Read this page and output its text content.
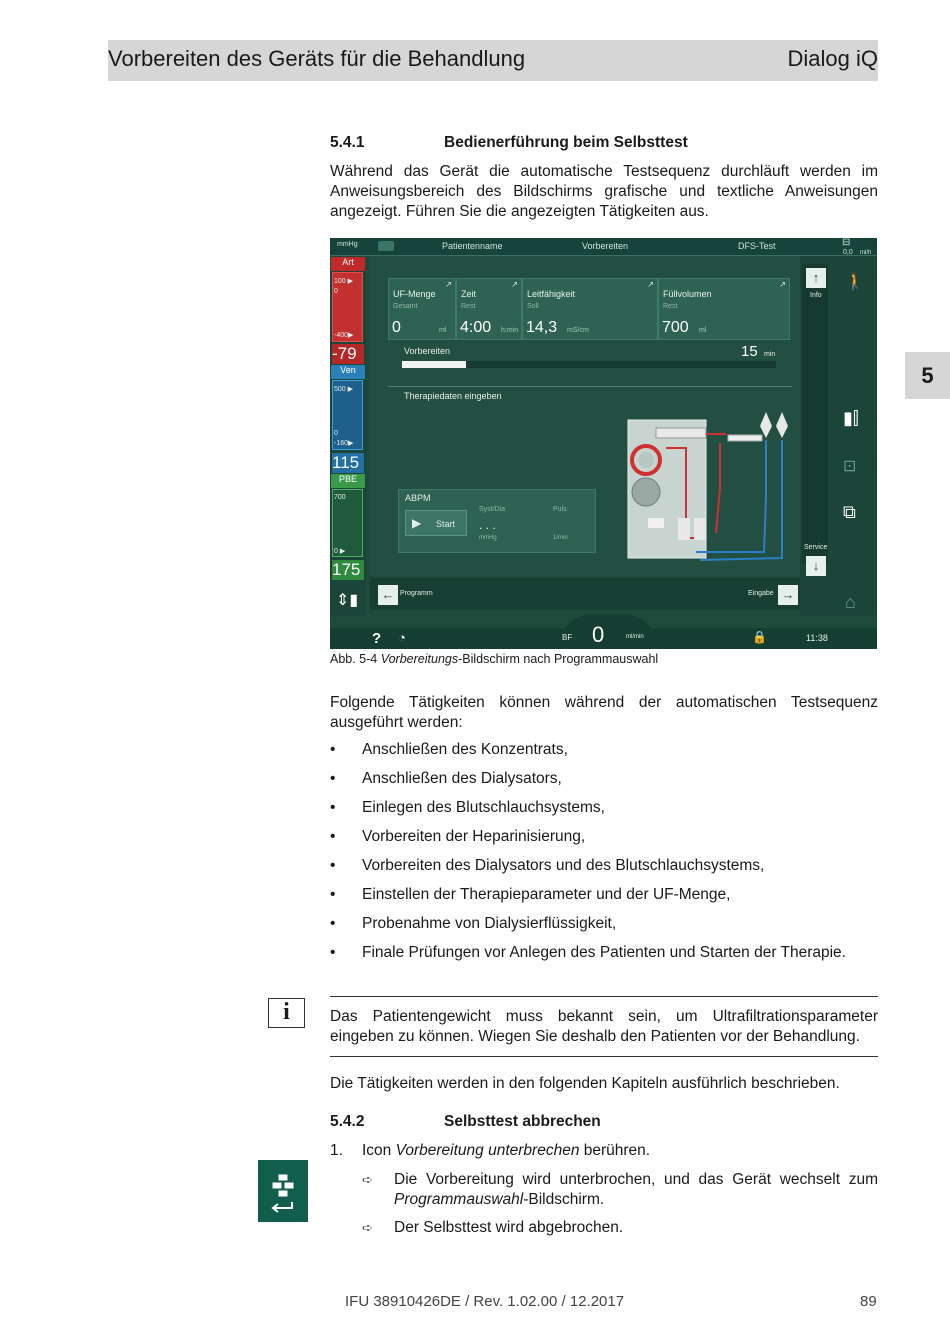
Vorbereiten des Geräts für die Behandlung	Dialog iQ
5
5.4.1	Bedienerführung beim Selbsttest

Während das Gerät die automatische Testsequenz durchläuft werden im Anweisungsbereich des Bildschirms grafische und textliche Anweisungen angezeigt. Führen Sie die angezeigten Tätigkeiten aus.

mmHg	Patientenname	Vorbereiten	DFS-Test	⊟
0,0 ml/h
Art
100 ▶
0
-400▶
-79
Ven
500 ▶
0
-160▶
115
PBE
700
0 ▶
175
⇕▮
UF-Menge
Gesamt
0	ml
↗
Zeit
Rest
4:00 h:min
↗
Leitfähigkeit
Soll
14,3 mS/cm
↗
Füllvolumen
Rest
700 ml
↗
Vorbereiten	15 min
Therapiedaten eingeben
ABPM
▶ Start
Syst/Dia	Puls
. . .
mmHg	1/min
↑
Info
Service
↓
🚶
▮⫿
⊡
⧉
⌂
← Programm	Eingabe →
? ◔	BF 0	ml/min	🔒	11:38
Abb. 5-4 Vorbereitungs-Bildschirm nach Programmauswahl

Folgende Tätigkeiten können während der automatischen Testsequenz ausgeführt werden:

• Anschließen des Konzentrats,
• Anschließen des Dialysators,
• Einlegen des Blutschlauchsystems,
• Vorbereiten der Heparinisierung,
• Vorbereiten des Dialysators und des Blutschlauchsystems,
• Einstellen der Therapieparameter und der UF-Menge,
• Probenahme von Dialysierflüssigkeit,
• Finale Prüfungen vor Anlegen des Patienten und Starten der Therapie.
i	Das Patientengewicht muss bekannt sein, um Ultrafiltrationsparameter eingeben zu können. Wiegen Sie deshalb den Patienten vor der Behandlung.

Die Tätigkeiten werden in den folgenden Kapiteln ausführlich beschrieben.

5.4.2	Selbsttest abbrechen
1. Icon Vorbereitung unterbrechen berühren.
➪ Die Vorbereitung wird unterbrochen, und das Gerät wechselt zum Programmauswahl-Bildschirm.
➪ Der Selbsttest wird abgebrochen.
IFU 38910426DE / Rev. 1.02.00 / 12.2017	89
